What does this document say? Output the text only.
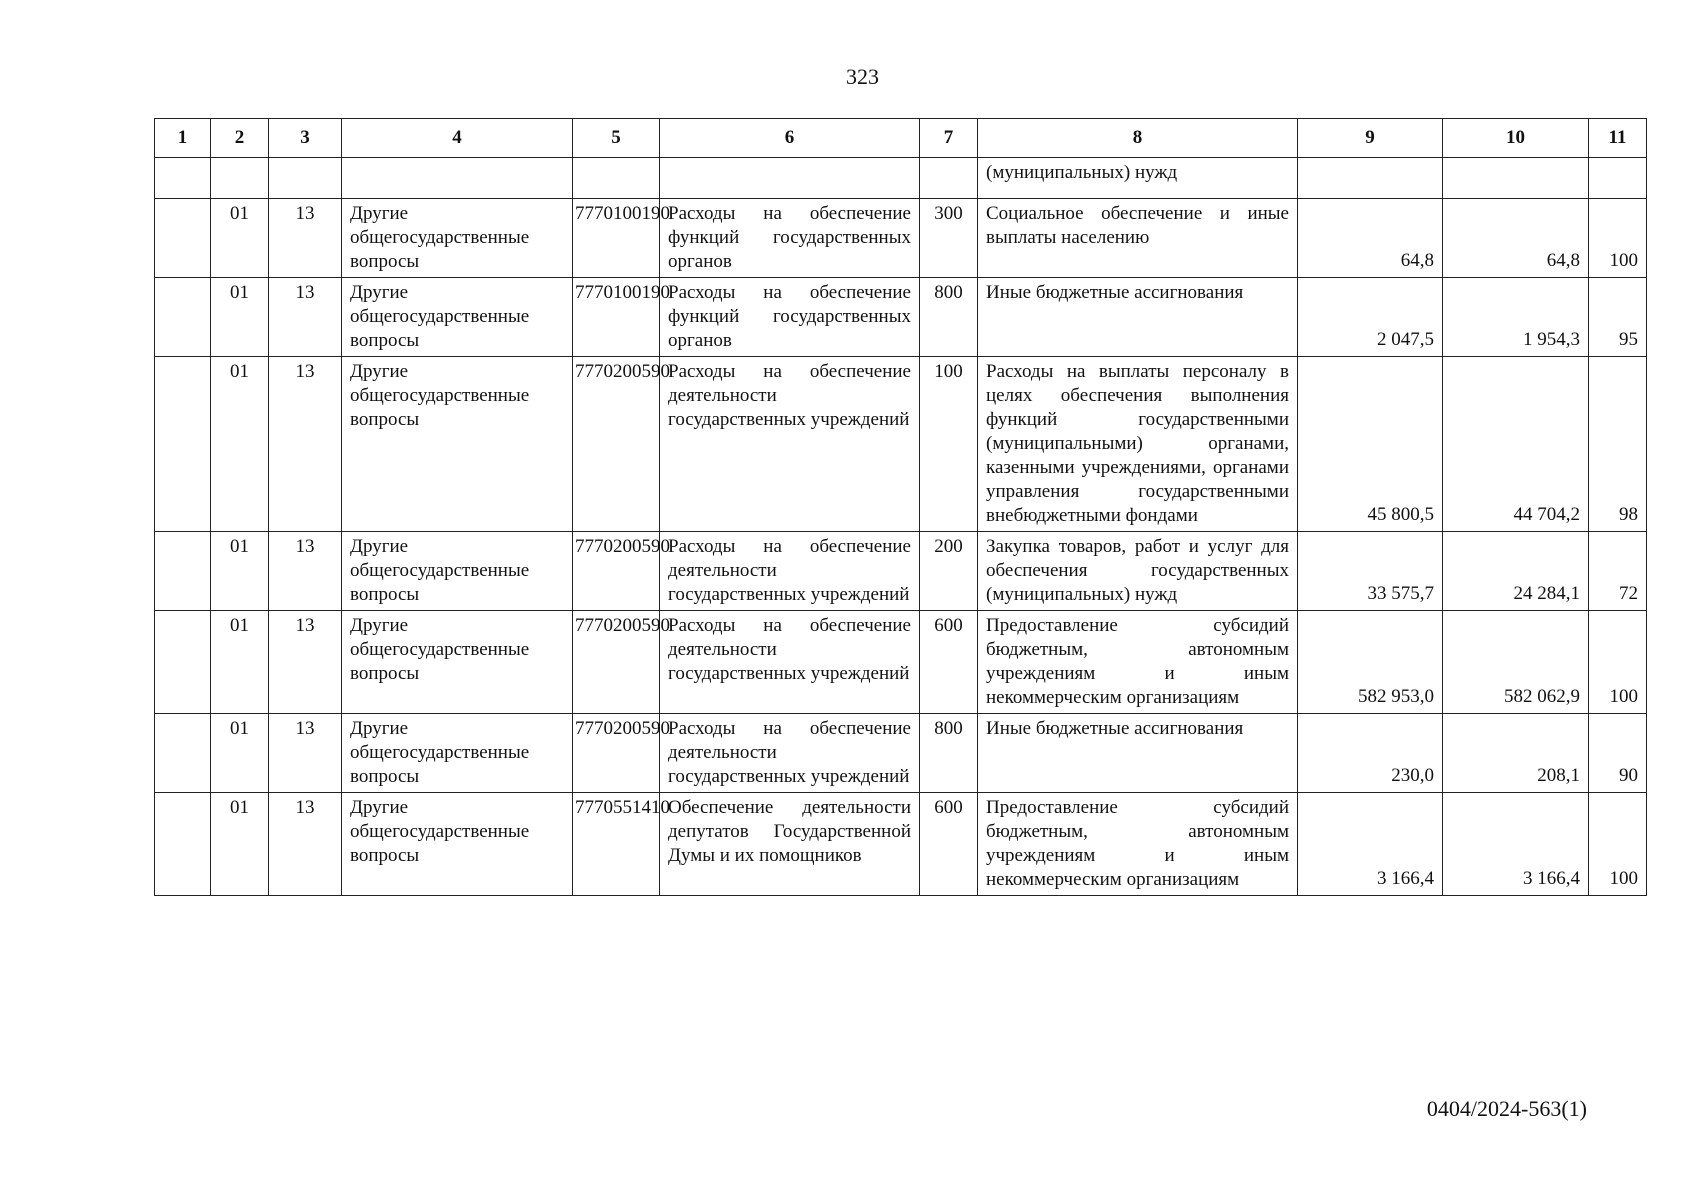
323
1	2	3	4	5	6	7	8	9	10	11
							(муниципальных) нужд			
	01	13	Другие общегосударственные вопросы	7770100190	Расходы на обеспечение функций государственных органов	300	Социальное обеспечение и иные выплаты населению	64,8	64,8	100
	01	13	Другие общегосударственные вопросы	7770100190	Расходы на обеспечение функций государственных органов	800	Иные бюджетные ассигнования	2 047,5	1 954,3	95
	01	13	Другие общегосударственные вопросы	7770200590	Расходы на обеспечение деятельности государственных учреждений	100	Расходы на выплаты персоналу в целях обеспечения выполнения функций государственными (муниципальными) органами, казенными учреждениями, органами управления государственными внебюджетными фондами	45 800,5	44 704,2	98
	01	13	Другие общегосударственные вопросы	7770200590	Расходы на обеспечение деятельности государственных учреждений	200	Закупка товаров, работ и услуг для обеспечения государственных (муниципальных) нужд	33 575,7	24 284,1	72
	01	13	Другие общегосударственные вопросы	7770200590	Расходы на обеспечение деятельности государственных учреждений	600	Предоставление субсидий бюджетным, автономным учреждениям и иным некоммерческим организациям	582 953,0	582 062,9	100
	01	13	Другие общегосударственные вопросы	7770200590	Расходы на обеспечение деятельности государственных учреждений	800	Иные бюджетные ассигнования	230,0	208,1	90
	01	13	Другие общегосударственные вопросы	7770551410	Обеспечение деятельности депутатов Государственной Думы и их помощников	600	Предоставление субсидий бюджетным, автономным учреждениям и иным некоммерческим организациям	3 166,4	3 166,4	100
0404/2024-563(1)
